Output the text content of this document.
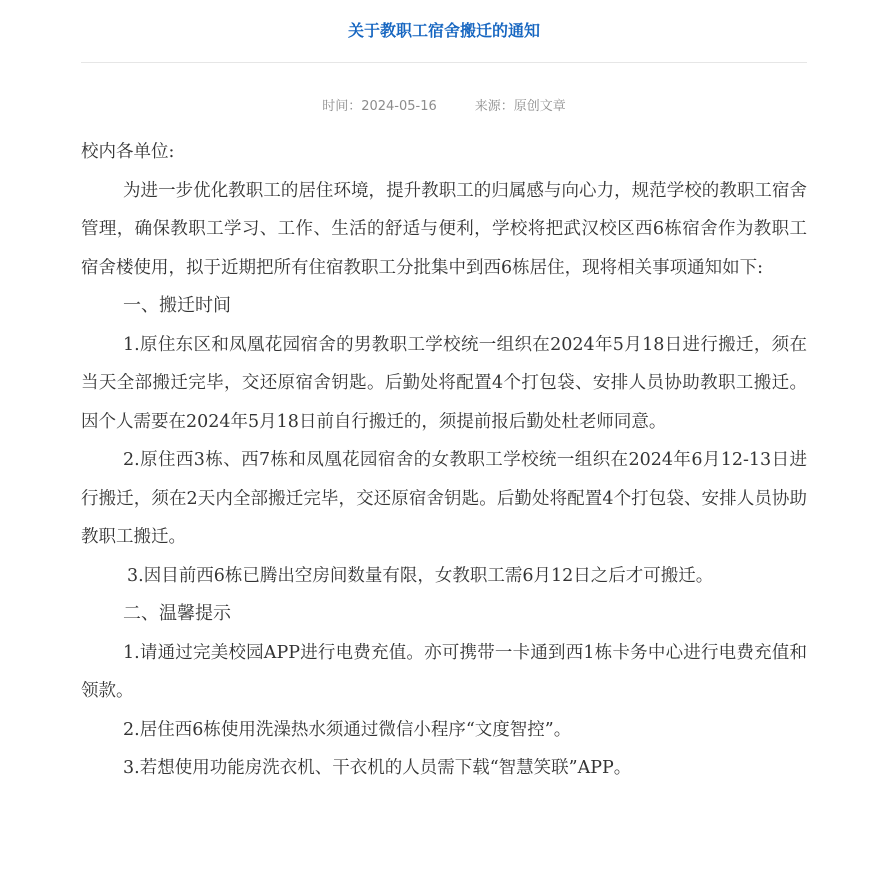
关于教职工宿舍搬迁的通知
时间：2024-05-16	来源：原创文章

校内各单位:

为进一步优化教职工的居住环境，提升教职工的归属感与向心力，规范学校的教职工宿舍管理，确保教职工学习、工作、生活的舒适与便利，学校将把武汉校区西6栋宿舍作为教职工宿舍楼使用，拟于近期把所有住宿教职工分批集中到西6栋居住，现将相关事项通知如下:

一、搬迁时间

1.原住东区和凤凰花园宿舍的男教职工学校统一组织在2024年5月18日进行搬迁，须在当天全部搬迁完毕，交还原宿舍钥匙。后勤处将配置4个打包袋、安排人员协助教职工搬迁。因个人需要在2024年5月18日前自行搬迁的，须提前报后勤处杜老师同意。

2.原住西3栋、西7栋和凤凰花园宿舍的女教职工学校统一组织在2024年6月12-13日进行搬迁，须在2天内全部搬迁完毕，交还原宿舍钥匙。后勤处将配置4个打包袋、安排人员协助教职工搬迁。

3.因目前西6栋已腾出空房间数量有限，女教职工需6月12日之后才可搬迁。

二、温馨提示

1.请通过完美校园APP进行电费充值。亦可携带一卡通到西1栋卡务中心进行电费充值和领款。

2.居住西6栋使用洗澡热水须通过微信小程序“文度智控”。

3.若想使用功能房洗衣机、干衣机的人员需下载“智慧笑联”APP。
